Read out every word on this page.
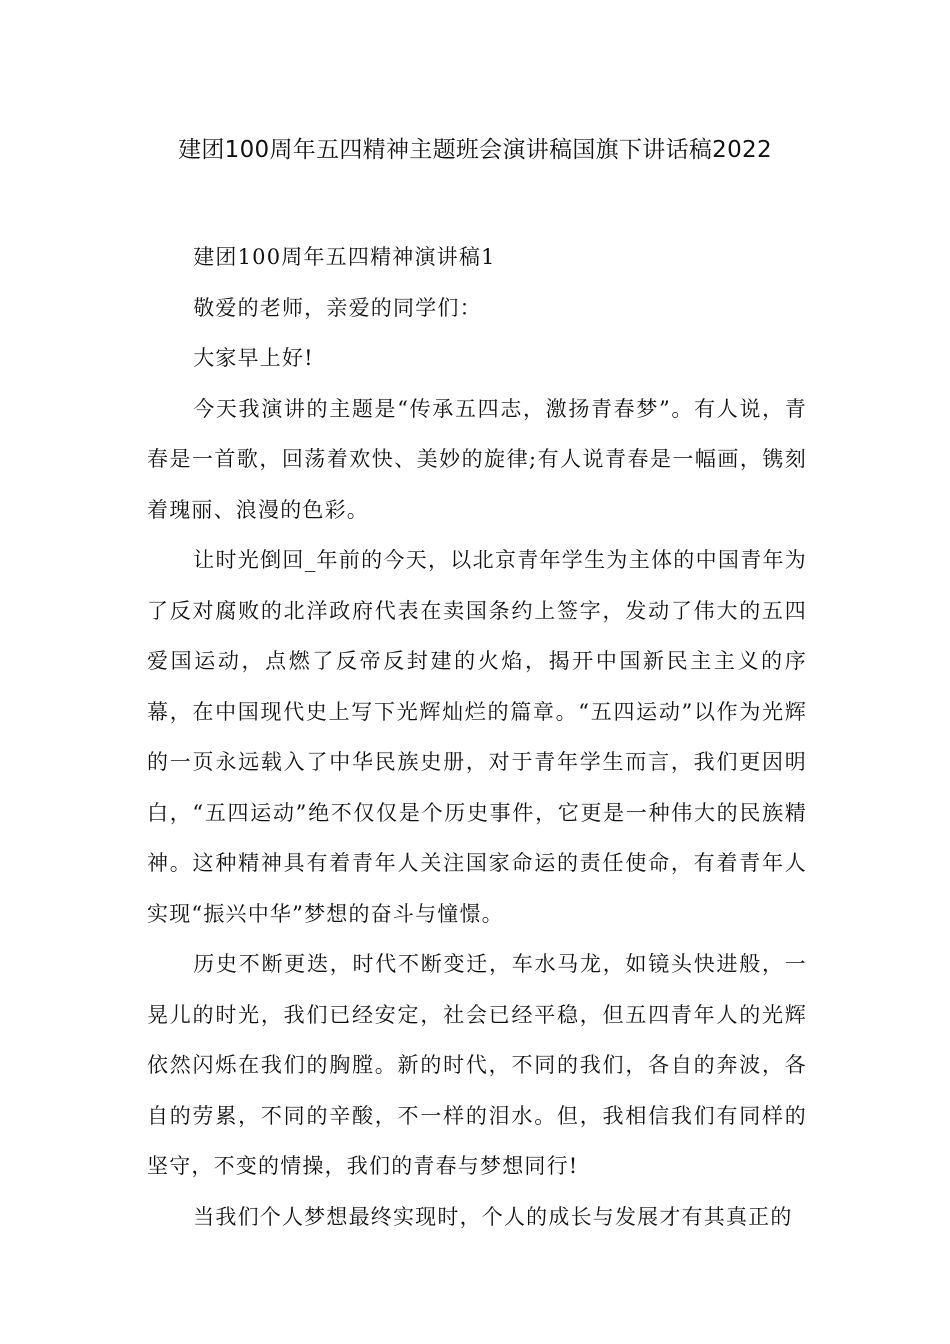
建团100周年五四精神主题班会演讲稿国旗下讲话稿2022

建团100周年五四精神演讲稿1

敬爱的老师，亲爱的同学们：

大家早上好!

今天我演讲的主题是“传承五四志，激扬青春梦”。有人说，青春是一首歌，回荡着欢快、美妙的旋律;有人说青春是一幅画，镌刻着瑰丽、浪漫的色彩。

让时光倒回_年前的今天，以北京青年学生为主体的中国青年为了反对腐败的北洋政府代表在卖国条约上签字，发动了伟大的五四爱国运动，点燃了反帝反封建的火焰，揭开中国新民主主义的序幕，在中国现代史上写下光辉灿烂的篇章。“五四运动”以作为光辉的一页永远载入了中华民族史册，对于青年学生而言，我们更因明白，“五四运动”绝不仅仅是个历史事件，它更是一种伟大的民族精神。这种精神具有着青年人关注国家命运的责任使命，有着青年人实现“振兴中华”梦想的奋斗与憧憬。

历史不断更迭，时代不断变迁，车水马龙，如镜头快进般，一晃儿的时光，我们已经安定，社会已经平稳，但五四青年人的光辉依然闪烁在我们的胸膛。新的时代，不同的我们，各自的奔波，各自的劳累，不同的辛酸，不一样的泪水。但，我相信我们有同样的坚守，不变的情操，我们的青春与梦想同行!

当我们个人梦想最终实现时，个人的成长与发展才有其真正的
